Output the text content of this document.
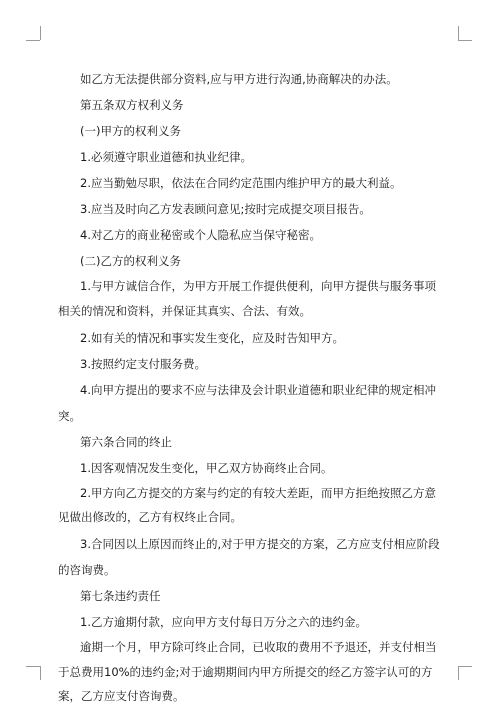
如乙方无法提供部分资料,应与甲方进行沟通,协商解决的办法。

第五条双方权利义务

(一)甲方的权利义务

1.必须遵守职业道德和执业纪律。

2.应当勤勉尽职，依法在合同约定范围内维护甲方的最大利益。

3.应当及时向乙方发表顾问意见;按时完成提交项目报告。

4.对乙方的商业秘密或个人隐私应当保守秘密。

(二)乙方的权利义务

1.与甲方诚信合作，为甲方开展工作提供便利，向甲方提供与服务事项相关的情况和资料，并保证其真实、合法、有效。

2.如有关的情况和事实发生变化，应及时告知甲方。

3.按照约定支付服务费。

4.向甲方提出的要求不应与法律及会计职业道德和职业纪律的规定相冲突。

第六条合同的终止

1.因客观情况发生变化，甲乙双方协商终止合同。

2.甲方向乙方提交的方案与约定的有较大差距，而甲方拒绝按照乙方意见做出修改的，乙方有权终止合同。

3.合同因以上原因而终止的,对于甲方提交的方案，乙方应支付相应阶段的咨询费。

第七条违约责任

1.乙方逾期付款，应向甲方支付每日万分之六的违约金。

逾期一个月，甲方除可终止合同，已收取的费用不予退还，并支付相当于总费用10%的违约金;对于逾期期间内甲方所提交的经乙方签字认可的方案，乙方应支付咨询费。
